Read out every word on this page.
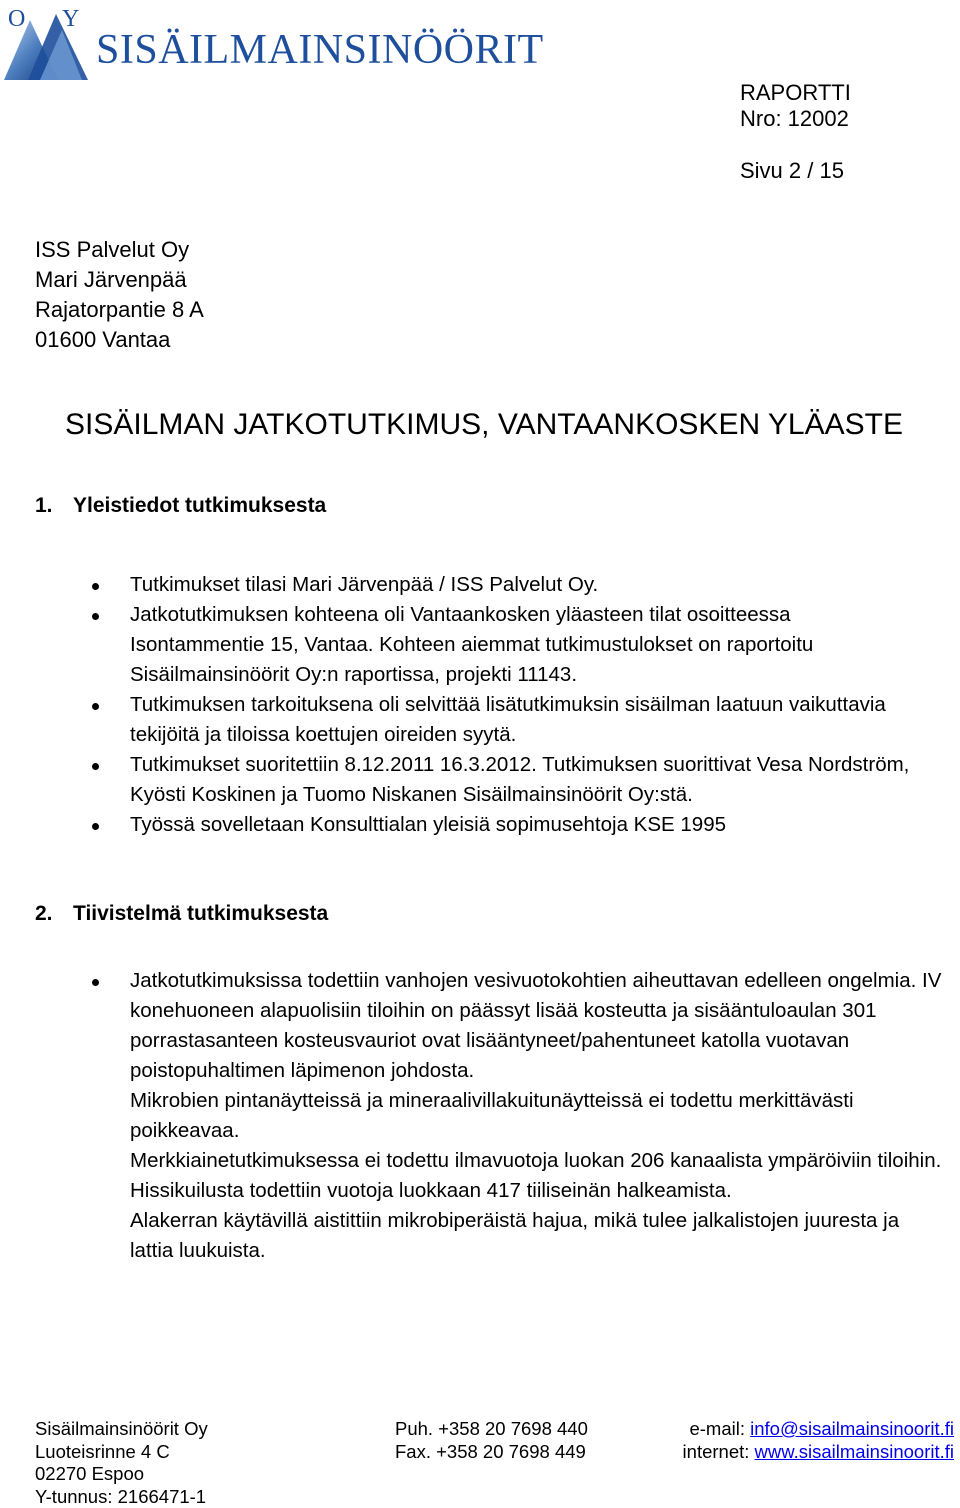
O Y
SISÄILMAINSINÖÖRIT
RAPORTTI
Nro: 12002
Sivu 2 / 15
ISS Palvelut Oy
Mari Järvenpää
Rajatorpantie 8 A
01600 Vantaa
SISÄILMAN JATKOTUTKIMUS, VANTAANKOSKEN YLÄASTE
1. Yleistiedot tutkimuksesta
Tutkimukset tilasi Mari Järvenpää / ISS Palvelut Oy.
Jatkotutkimuksen kohteena oli Vantaankosken yläasteen tilat osoitteessa Isontammentie 15, Vantaa. Kohteen aiemmat tutkimustulokset on raportoitu Sisäilmainsinöörit Oy:n raportissa, projekti 11143.
Tutkimuksen tarkoituksena oli selvittää lisätutkimuksin sisäilman laatuun vaikuttavia tekijöitä ja tiloissa koettujen oireiden syytä.
Tutkimukset suoritettiin 8.12.2011 16.3.2012. Tutkimuksen suorittivat Vesa Nordström, Kyösti Koskinen ja Tuomo Niskanen Sisäilmainsinöörit Oy:stä.
Työssä sovelletaan Konsulttialan yleisiä sopimusehtoja KSE 1995
2. Tiivistelmä tutkimuksesta

Jatkotutkimuksissa todettiin vanhojen vesivuotokohtien aiheuttavan edelleen ongelmia. IV konehuoneen alapuolisiin tiloihin on päässyt lisää kosteutta ja sisääntuloaulan 301 porrastasanteen kosteusvauriot ovat lisääntyneet/pahentuneet katolla vuotavan poistopuhaltimen läpimenon johdosta.

Mikrobien pintanäytteissä ja mineraalivillakuitunäytteissä ei todettu merkittävästi poikkeavaa.

Merkkiainetutkimuksessa ei todettu ilmavuotoja luokan 206 kanaalista ympäröiviin tiloihin. Hissikuilusta todettiin vuotoja luokkaan 417 tiiliseinän halkeamista.

Alakerran käytävillä aistittiin mikrobiperäistä hajua, mikä tulee jalkalistojen juuresta ja lattia luukuista.

Sisäilmainsinöörit Oy
Luoteisrinne 4 C
02270 Espoo
Y-tunnus: 2166471-1
Puh. +358 20 7698 440
Fax. +358 20 7698 449
e-mail: info@sisailmainsinoorit.fi
internet: www.sisailmainsinoorit.fi
